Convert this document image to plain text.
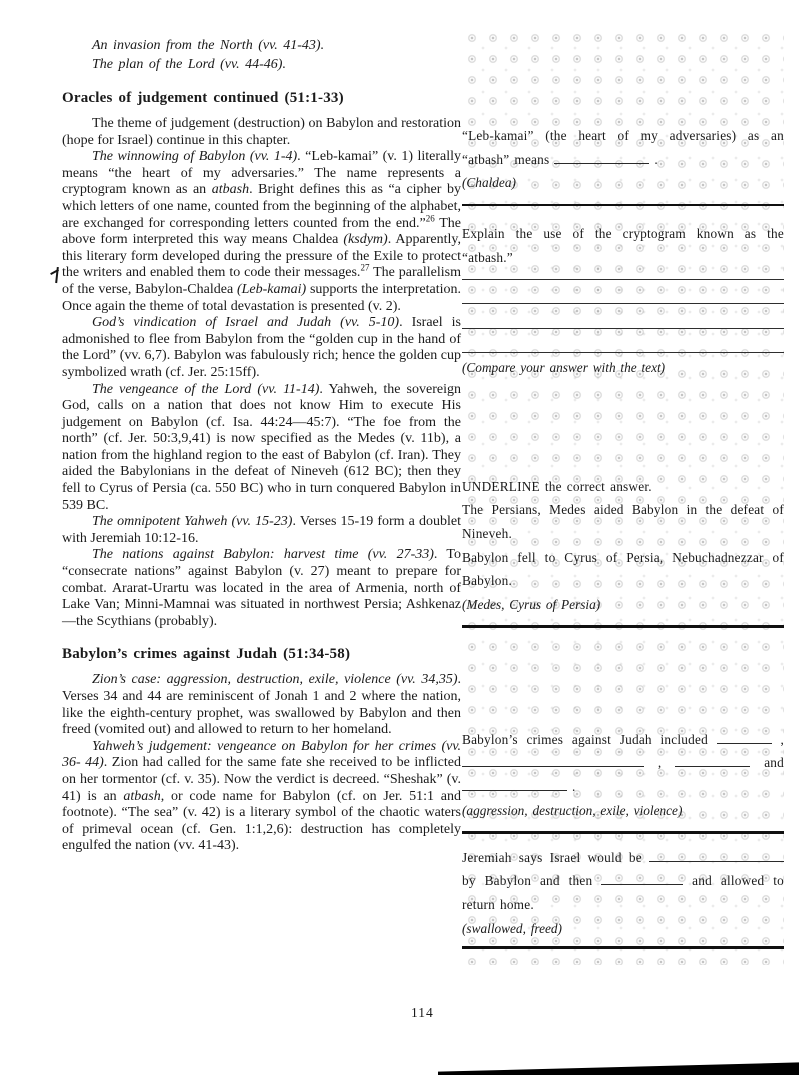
An invasion from the North (vv. 41-43).
The plan of the Lord (vv. 44-46).
Oracles of judgement continued (51:1-33)

The theme of judgement (destruction) on Babylon and restoration (hope for Israel) continue in this chapter.

The winnowing of Babylon (vv. 1-4). “Leb-kamai” (v. 1) literally means “the heart of my adversaries.” The name represents a cryptogram known as an atbash. Bright defines this as “a cipher by which letters of one name, counted from the beginning of the alphabet, are exchanged for corresponding letters counted from the end.”$^{26}$ The above form interpreted this way means Chaldea (ksdym). Apparently, this literary form developed during the pressure of the Exile to protect the writers and enabled them to code their messages.$^{27}$ The parallelism of the verse, Babylon-Chaldea (Leb-kamai) supports the interpretation. Once again the theme of total devastation is presented (v. 2).

God’s vindication of Israel and Judah (vv. 5-10). Israel is admonished to flee from Babylon from the “golden cup in the hand of the Lord” (vv. 6,7). Babylon was fabulously rich; hence the golden cup symbolized wrath (cf. Jer. 25:15ff).

The vengeance of the Lord (vv. 11-14). Yahweh, the sovereign God, calls on a nation that does not know Him to execute His judgement on Babylon (cf. Isa. 44:24—45:7). “The foe from the north” (cf. Jer. 50:3,9,41) is now specified as the Medes (v. 11b), a nation from the highland region to the east of Babylon (cf. Iran). They aided the Babylonians in the defeat of Nineveh (612 BC); then they fell to Cyrus of Persia (ca. 550 BC) who in turn conquered Babylon in 539 BC.

The omnipotent Yahweh (vv. 15-23). Verses 15-19 form a doublet with Jeremiah 10:12-16.

The nations against Babylon: harvest time (vv. 27-33). To “consecrate nations” against Babylon (v. 27) meant to prepare for combat. Ararat-Urartu was located in the area of Armenia, north of Lake Van; Minni-Mamnai was situated in northwest Persia; Ashkenaz—the Scythians (probably).

Babylon’s crimes against Judah (51:34-58)

Zion’s case: aggression, destruction, exile, violence (vv. 34,35). Verses 34 and 44 are reminiscent of Jonah 1 and 2 where the nation, like the eighth-century prophet, was swallowed by Babylon and then freed (vomited out) and allowed to return to her homeland.

Yahweh’s judgement: vengeance on Babylon for her crimes (vv. 36- 44). Zion had called for the same fate she received to be inflicted on her tormentor (cf. v. 35). Now the verdict is decreed. “Sheshak” (v. 41) is an atbash, or code name for Babylon (cf. on Jer. 51:1 and footnote). “The sea” (v. 42) is a literary symbol of the chaotic waters of primeval ocean (cf. Gen. 1:1,2,6): destruction has completely engulfed the nation (vv. 41-43).

“Leb-kamai” (the heart of my adversaries) as an
“atbash” means	.
(Chaldea)
Explain the use of the cryptogram known as the
“atbash.”
(Compare your answer with the text)
UNDERLINE the correct answer.
The Persians, Medes aided Babylon in the defeat of
Nineveh.
Babylon fell to Cyrus of Persia, Nebuchadnezzar of
Babylon.
(Medes, Cyrus of Persia)
Babylon’s crimes against Judah included	,
,	and
.
(aggression, destruction, exile, violence)
Jeremiah says Israel would be
by Babylon and then	and allowed to
return home.
(swallowed, freed)
114
